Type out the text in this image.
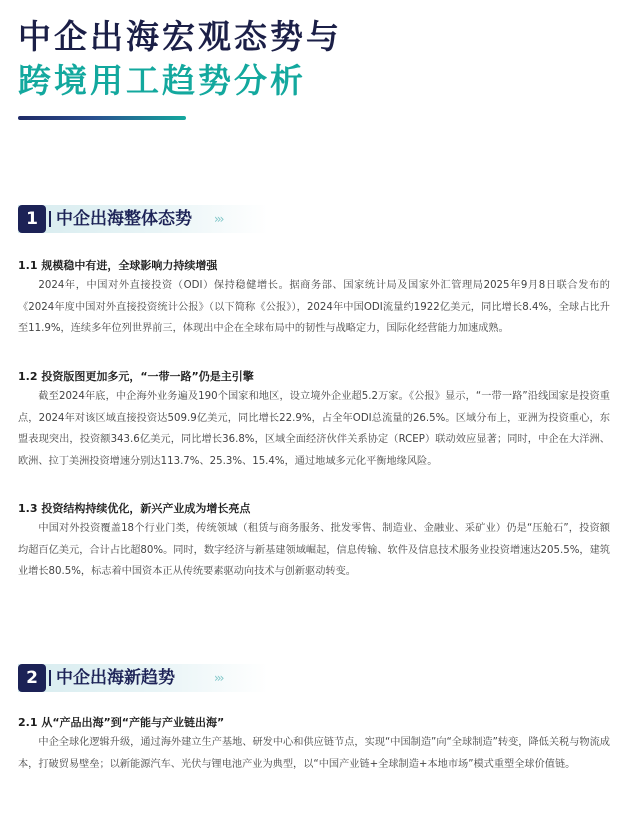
中企出海宏观态势与
跨境用工趋势分析
1	中企出海整体态势 ›››
1.1 规模稳中有进，全球影响力持续增强
2024年，中国对外直接投资（ODI）保持稳健增长。据商务部、国家统计局及国家外汇管理局2025年9月8日联合发布的《2024年度中国对外直接投资统计公报》（以下简称《公报》），2024年中国ODI流量约1922亿美元，同比增长8.4%，全球占比升至11.9%，连续多年位列世界前三，体现出中企在全球布局中的韧性与战略定力，国际化经营能力加速成熟。
1.2 投资版图更加多元，“一带一路”仍是主引擎
截至2024年底，中企海外业务遍及190个国家和地区，设立境外企业超5.2万家。《公报》显示，“一带一路”沿线国家是投资重点，2024年对该区域直接投资达509.9亿美元，同比增长22.9%，占全年ODI总流量的26.5%。区域分布上，亚洲为投资重心，东盟表现突出，投资额343.6亿美元，同比增长36.8%，区域全面经济伙伴关系协定（RCEP）联动效应显著；同时，中企在大洋洲、欧洲、拉丁美洲投资增速分别达113.7%、25.3%、15.4%，通过地域多元化平衡地缘风险。
1.3 投资结构持续优化，新兴产业成为增长亮点
中国对外投资覆盖18个行业门类，传统领域（租赁与商务服务、批发零售、制造业、金融业、采矿业）仍是“压舱石”，投资额均超百亿美元，合计占比超80%。同时，数字经济与新基建领域崛起，信息传输、软件及信息技术服务业投资增速达205.5%，建筑业增长80.5%，标志着中国资本正从传统要素驱动向技术与创新驱动转变。
2	中企出海新趋势	›››
2.1 从“产品出海”到“产能与产业链出海”
中企全球化逻辑升级，通过海外建立生产基地、研发中心和供应链节点，实现“中国制造”向“全球制造”转变，降低关税与物流成本，打破贸易壁垒；以新能源汽车、光伏与锂电池产业为典型，以“中国产业链+全球制造+本地市场”模式重塑全球价值链。
